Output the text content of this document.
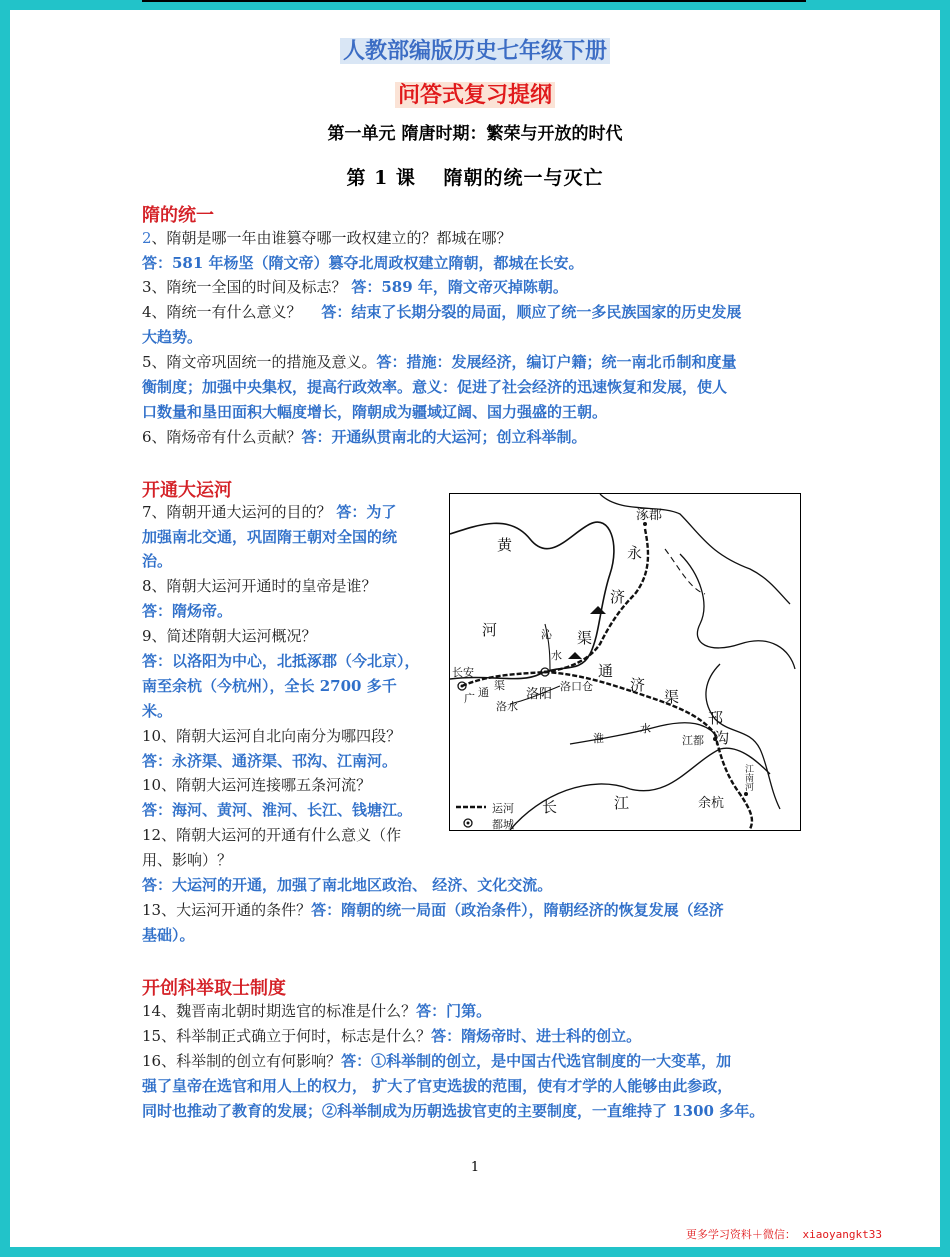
人教部编版历史七年级下册
问答式复习提纲
第一单元 隋唐时期：繁荣与开放的时代
第 1 课　 隋朝的统一与灭亡
隋的统一
2、隋朝是哪一年由谁篡夺哪一政权建立的？都城在哪？
答：581 年杨坚（隋文帝）篡夺北周政权建立隋朝，都城在长安。
3、隋统一全国的时间及标志？ 答：589 年，隋文帝灭掉陈朝。
4、隋统一有什么意义？　 答：结束了长期分裂的局面，顺应了统一多民族国家的历史发展
大趋势。
5、隋文帝巩固统一的措施及意义。答：措施：发展经济，编订户籍；统一南北币制和度量
衡制度；加强中央集权，提高行政效率。意义：促进了社会经济的迅速恢复和发展，使人
口数量和垦田面积大幅度增长，隋朝成为疆域辽阔、国力强盛的王朝。
6、隋炀帝有什么贡献？答：开通纵贯南北的大运河；创立科举制。
开通大运河
7、隋朝开通大运河的目的？ 答：为了
加强南北交通，巩固隋王朝对全国的统
治。
8、隋朝大运河开通时的皇帝是谁？
答：隋炀帝。
9、简述隋朝大运河概况？
答：以洛阳为中心，北抵涿郡（今北京），
南至余杭（今杭州），全长 2700 多千
米。
10、隋朝大运河自北向南分为哪四段？
答：永济渠、通济渠、邗沟、江南河。
10、隋朝大运河连接哪五条河流？
答：海河、黄河、淮河、长江、钱塘江。
12、隋朝大运河的开通有什么意义（作
用、影响）？
答：大运河的开通，加强了南北地区政治、 经济、文化交流。
13、大运河开通的条件？答：隋朝的统一局面（政治条件），隋朝经济的恢复发展（经济
基础）。
涿郡
黄
河
永
济
渠
沁
水
通
济
渠
长安
广 通
渠
洛水
洛阳
洛口仓
淮
水
邗
沟
江都
江南河
长	江	余杭
运河
都城
开创科举取士制度
14、魏晋南北朝时期选官的标准是什么？答：门第。
15、科举制正式确立于何时，标志是什么？答：隋炀帝时、进士科的创立。
16、科举制的创立有何影响？答：①科举制的创立，是中国古代选官制度的一大变革，加
强了皇帝在选官和用人上的权力， 扩大了官吏选拔的范围，使有才学的人能够由此参政，
同时也推动了教育的发展；②科举制成为历朝选拔官吏的主要制度，一直维持了 1300 多年。
1
更多学习资料＋微信： xiaoyangkt33
